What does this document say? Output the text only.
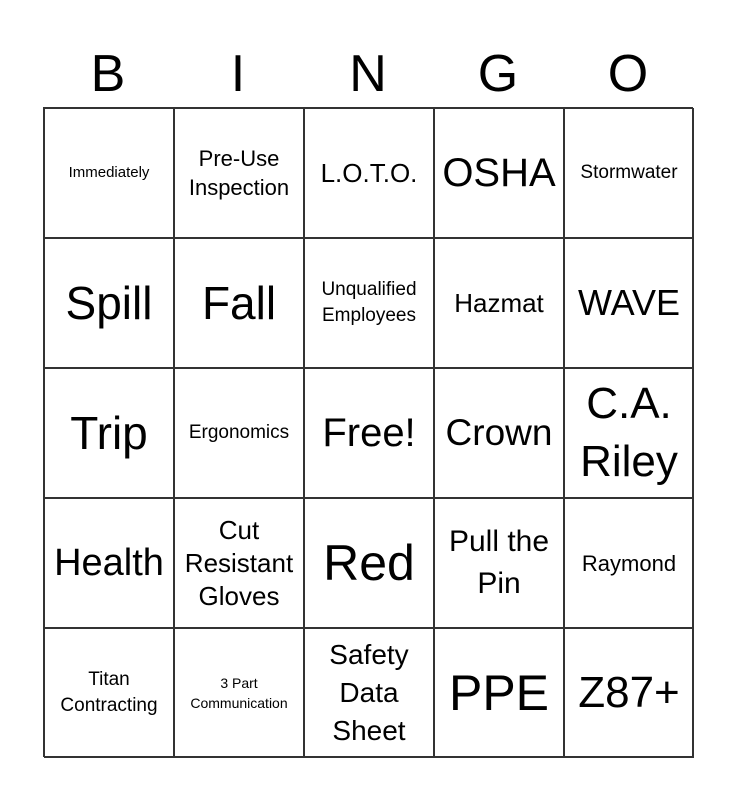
B	I	N	G	O
Immediately
Pre-Use Inspection	L.O.T.O. OSHA Stormwater
Spill Fall	Unqualified Employees	Hazmat WAVE
Trip Ergonomics Free! Crown
C.A. Riley
Health
Cut Resistant Gloves
Red	Pull the Pin
Raymond
Titan Contracting
3 Part Communication
Safety Data Sheet
PPE Z87+
